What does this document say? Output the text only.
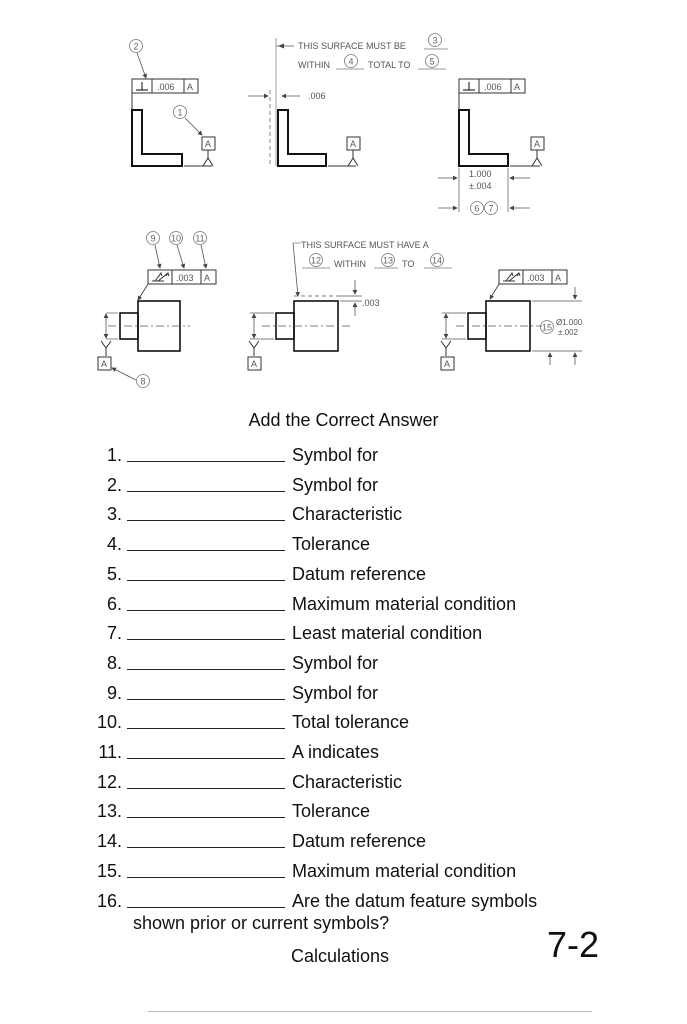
2
.006 A
1
A
THIS SURFACE MUST BE
3
WITHIN 4 TOTAL TO 5
.006
A
.006 A
A
1.000
±.004
6 7
9 10 11
.003 A
A
8
THIS SURFACE MUST HAVE A
12 WITHIN 13 TO 14
.003
A
.003 A
15 Ø1.000
±.002
A
Add the Correct Answer
1.	Symbol for
2.	Symbol for
3.	Characteristic
4.	Tolerance
5.	Datum reference
6.	Maximum material condition
7.	Least material condition
8.	Symbol for
9.	Symbol for
10.	Total tolerance
11.	A indicates
12.	Characteristic
13.	Tolerance
14.	Datum reference
15.	Maximum material condition
16.	Are the datum feature symbols
shown prior or current symbols?
Calculations	7-2
